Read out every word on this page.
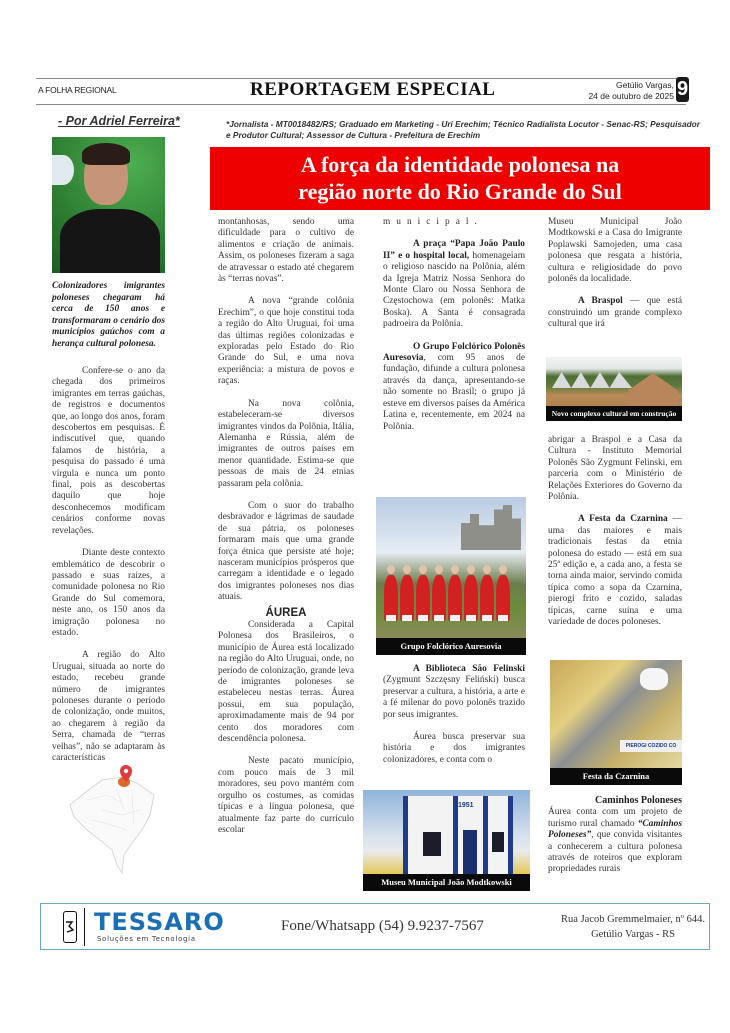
A FOLHA REGIONAL	REPORTAGEM ESPECIAL	Getúlio Vargas,
24 de outubro de 2025 9
- Por Adriel Ferreira*	*Jornalista - MT0018482/RS; Graduado em Marketing - Uri Erechim; Técnico Radialista Locutor - Senac-RS; Pesquisador e Produtor Cultural; Assessor de Cultura - Prefeitura de Erechim
A força da identidade polonesa na
região norte do Rio Grande do Sul
Colonizadores imigrantes poloneses chegaram há cerca de 150 anos e transformaram o cenário dos municípios gaúchos com a herança cultural polonesa.

Confere-se o ano da chegada dos primeiros imigrantes em terras gaúchas, de registros e documentos que, ao longo dos anos, foram descobertos em pesquisas. É indiscutível que, quando falamos de história, a pesquisa do passado é uma vírgula e nunca um ponto final, pois as descobertas daquilo que hoje desconhecemos modificam cenários conforme novas revelações.

Diante deste contexto emblemático de descobrir o passado e suas raízes, a comunidade polonesa no Rio Grande do Sul comemora, neste ano, os 150 anos da imigração polonesa no estado.

A região do Alto Uruguai, situada ao norte do estado, recebeu grande número de imigrantes poloneses durante o período de colonização, onde muitos, ao chegarem à região da Serra, chamada de “terras velhas”, não se adaptaram às características

montanhosas, sendo uma dificuldade para o cultivo de alimentos e criação de animais. Assim, os poloneses fizeram a saga de atravessar o estado até chegarem às “terras novas”.

A nova “grande colônia Erechim”, o que hoje constitui toda a região do Alto Uruguai, foi uma das últimas regiões colonizadas e exploradas pelo Estado do Rio Grande do Sul, e uma nova experiência: a mistura de povos e raças.

Na nova colônia, estabeleceram-se diversos imigrantes vindos da Polônia, Itália, Alemanha e Rússia, além de imigrantes de outros países em menor quantidade. Estima-se que pessoas de mais de 24 etnias passaram pela colônia.

Com o suor do trabalho desbravador e lágrimas de saudade de sua pátria, os poloneses formaram mais que uma grande força étnica que persiste até hoje; nasceram municípios prósperos que carregam a identidade e o legado dos imigrantes poloneses nos dias atuais.

ÁUREA

Considerada a Capital Polonesa dos Brasileiros, o município de Áurea está localizado na região do Alto Uruguai, onde, no período de colonização, grande leva de imigrantes poloneses se estabeleceu nestas terras. Áurea possui, em sua população, aproximadamente mais de 94 por cento dos moradores com descendência polonesa.

Neste pacato município, com pouco mais de 3 mil moradores, seu povo mantém com orgulho os costumes, as comidas típicas e a língua polonesa, que atualmente faz parte do currículo escolar

municipal.

A praça “Papa João Paulo II” e o hospital local, homenageiam o religioso nascido na Polônia, além da Igreja Matriz Nossa Senhora do Monte Claro ou Nossa Senhora de Częstochowa (em polonês: Matka Boska). A Santa é consagrada padroeira da Polônia.

O Grupo Folclórico Polonês Auresovia, com 95 anos de fundação, difunde a cultura polonesa através da dança, apresentando-se não somente no Brasil; o grupo já esteve em diversos países da América Latina e, recentemente, em 2024 na Polônia.

Grupo Folclórico Auresovia

A Biblioteca São Felinski (Zygmunt Szczęsny Feliński) busca preservar a cultura, a história, a arte e a fé milenar do povo polonês trazido por seus imigrantes.

Áurea busca preservar sua história e dos imigrantes colonizadores, e conta com o

1951
Museu Municipal João Modtkowski

Museu Municipal João Modtkowski e a Casa do Imigrante Poplawski Samojeden, uma casa polonesa que resgata a história, cultura e religiosidade do povo polonês da localidade.

A Braspol — que está construindo um grande complexo cultural que irá

Novo complexo cultural em construção

abrigar a Braspol e a Casa da Cultura - Instituto Memorial Polonês São Zygmunt Felinski, em parceria com o Ministério de Relações Exteriores do Governo da Polônia.

A Festa da Czarnina — uma das maiores e mais tradicionais festas da etnia polonesa do estado — está em sua 25ª edição e, a cada ano, a festa se torna ainda maior, servindo comida típica como a sopa da Czarnina, pierogi frito e cozido, saladas típicas, carne suína e uma variedade de doces poloneses.

PIEROGI COZIDO CO
Festa da Czarnina
Caminhos Poloneses

Áurea conta com um projeto de turismo rural chamado “Caminhos Poloneses”, que convida visitantes a conhecerem a cultura polonesa através de roteiros que exploram propriedades rurais

TESSARO
Soluções em Tecnologia
Fone/Whatsapp (54) 9.9237-7567	Rua Jacob Gremmelmaier, nº 644.
Getúlio Vargas - RS
